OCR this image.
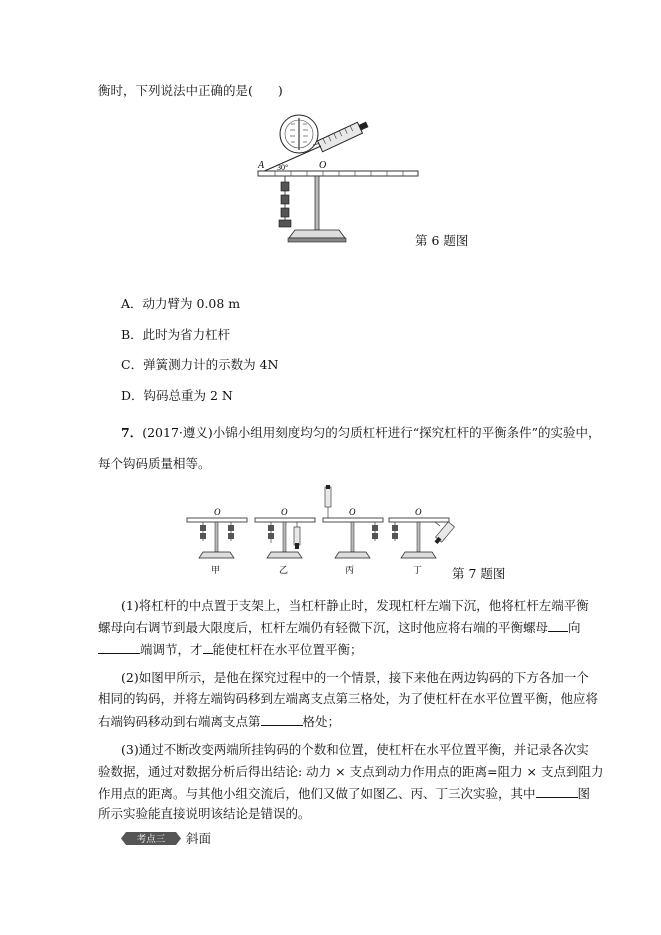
衡时，下列说法中正确的是(　　)
A	O
30°
第 6 题图
A．动力臂为 0.08 m
B．此时为省力杠杆
C．弹簧测力计的示数为 4N
D．钩码总重为 2 N
7．(2017·遵义)小锦小组用刻度均匀的匀质杠杆进行“探究杠杆的平衡条件”的实验中，
每个钩码质量相等。
O
甲
O
乙
O
丙
O
丁 第 7 题图
(1)将杠杆的中点置于支架上，当杠杆静止时，发现杠杆左端下沉，他将杠杆左端平衡
螺母向右调节到最大限度后，杠杆左端仍有轻微下沉，这时他应将右端的平衡螺母 向
端调节，才 能使杠杆在水平位置平衡；
(2)如图甲所示，是他在探究过程中的一个情景，接下来他在两边钩码的下方各加一个
相同的钩码，并将左端钩码移到左端离支点第三格处，为了使杠杆在水平位置平衡，他应将
右端钩码移动到右端离支点第	格处；
(3)通过不断改变两端所挂钩码的个数和位置，使杠杆在水平位置平衡，并记录各次实
验数据，通过对数据分析后得出结论: 动力 × 支点到动力作用点的距离=阻力 × 支点到阻力
作用点的距离。与其他小组交流后，他们又做了如图乙、丙、丁三次实验，其中	图
所示实验能直接说明该结论是错误的。
考点三 斜面
